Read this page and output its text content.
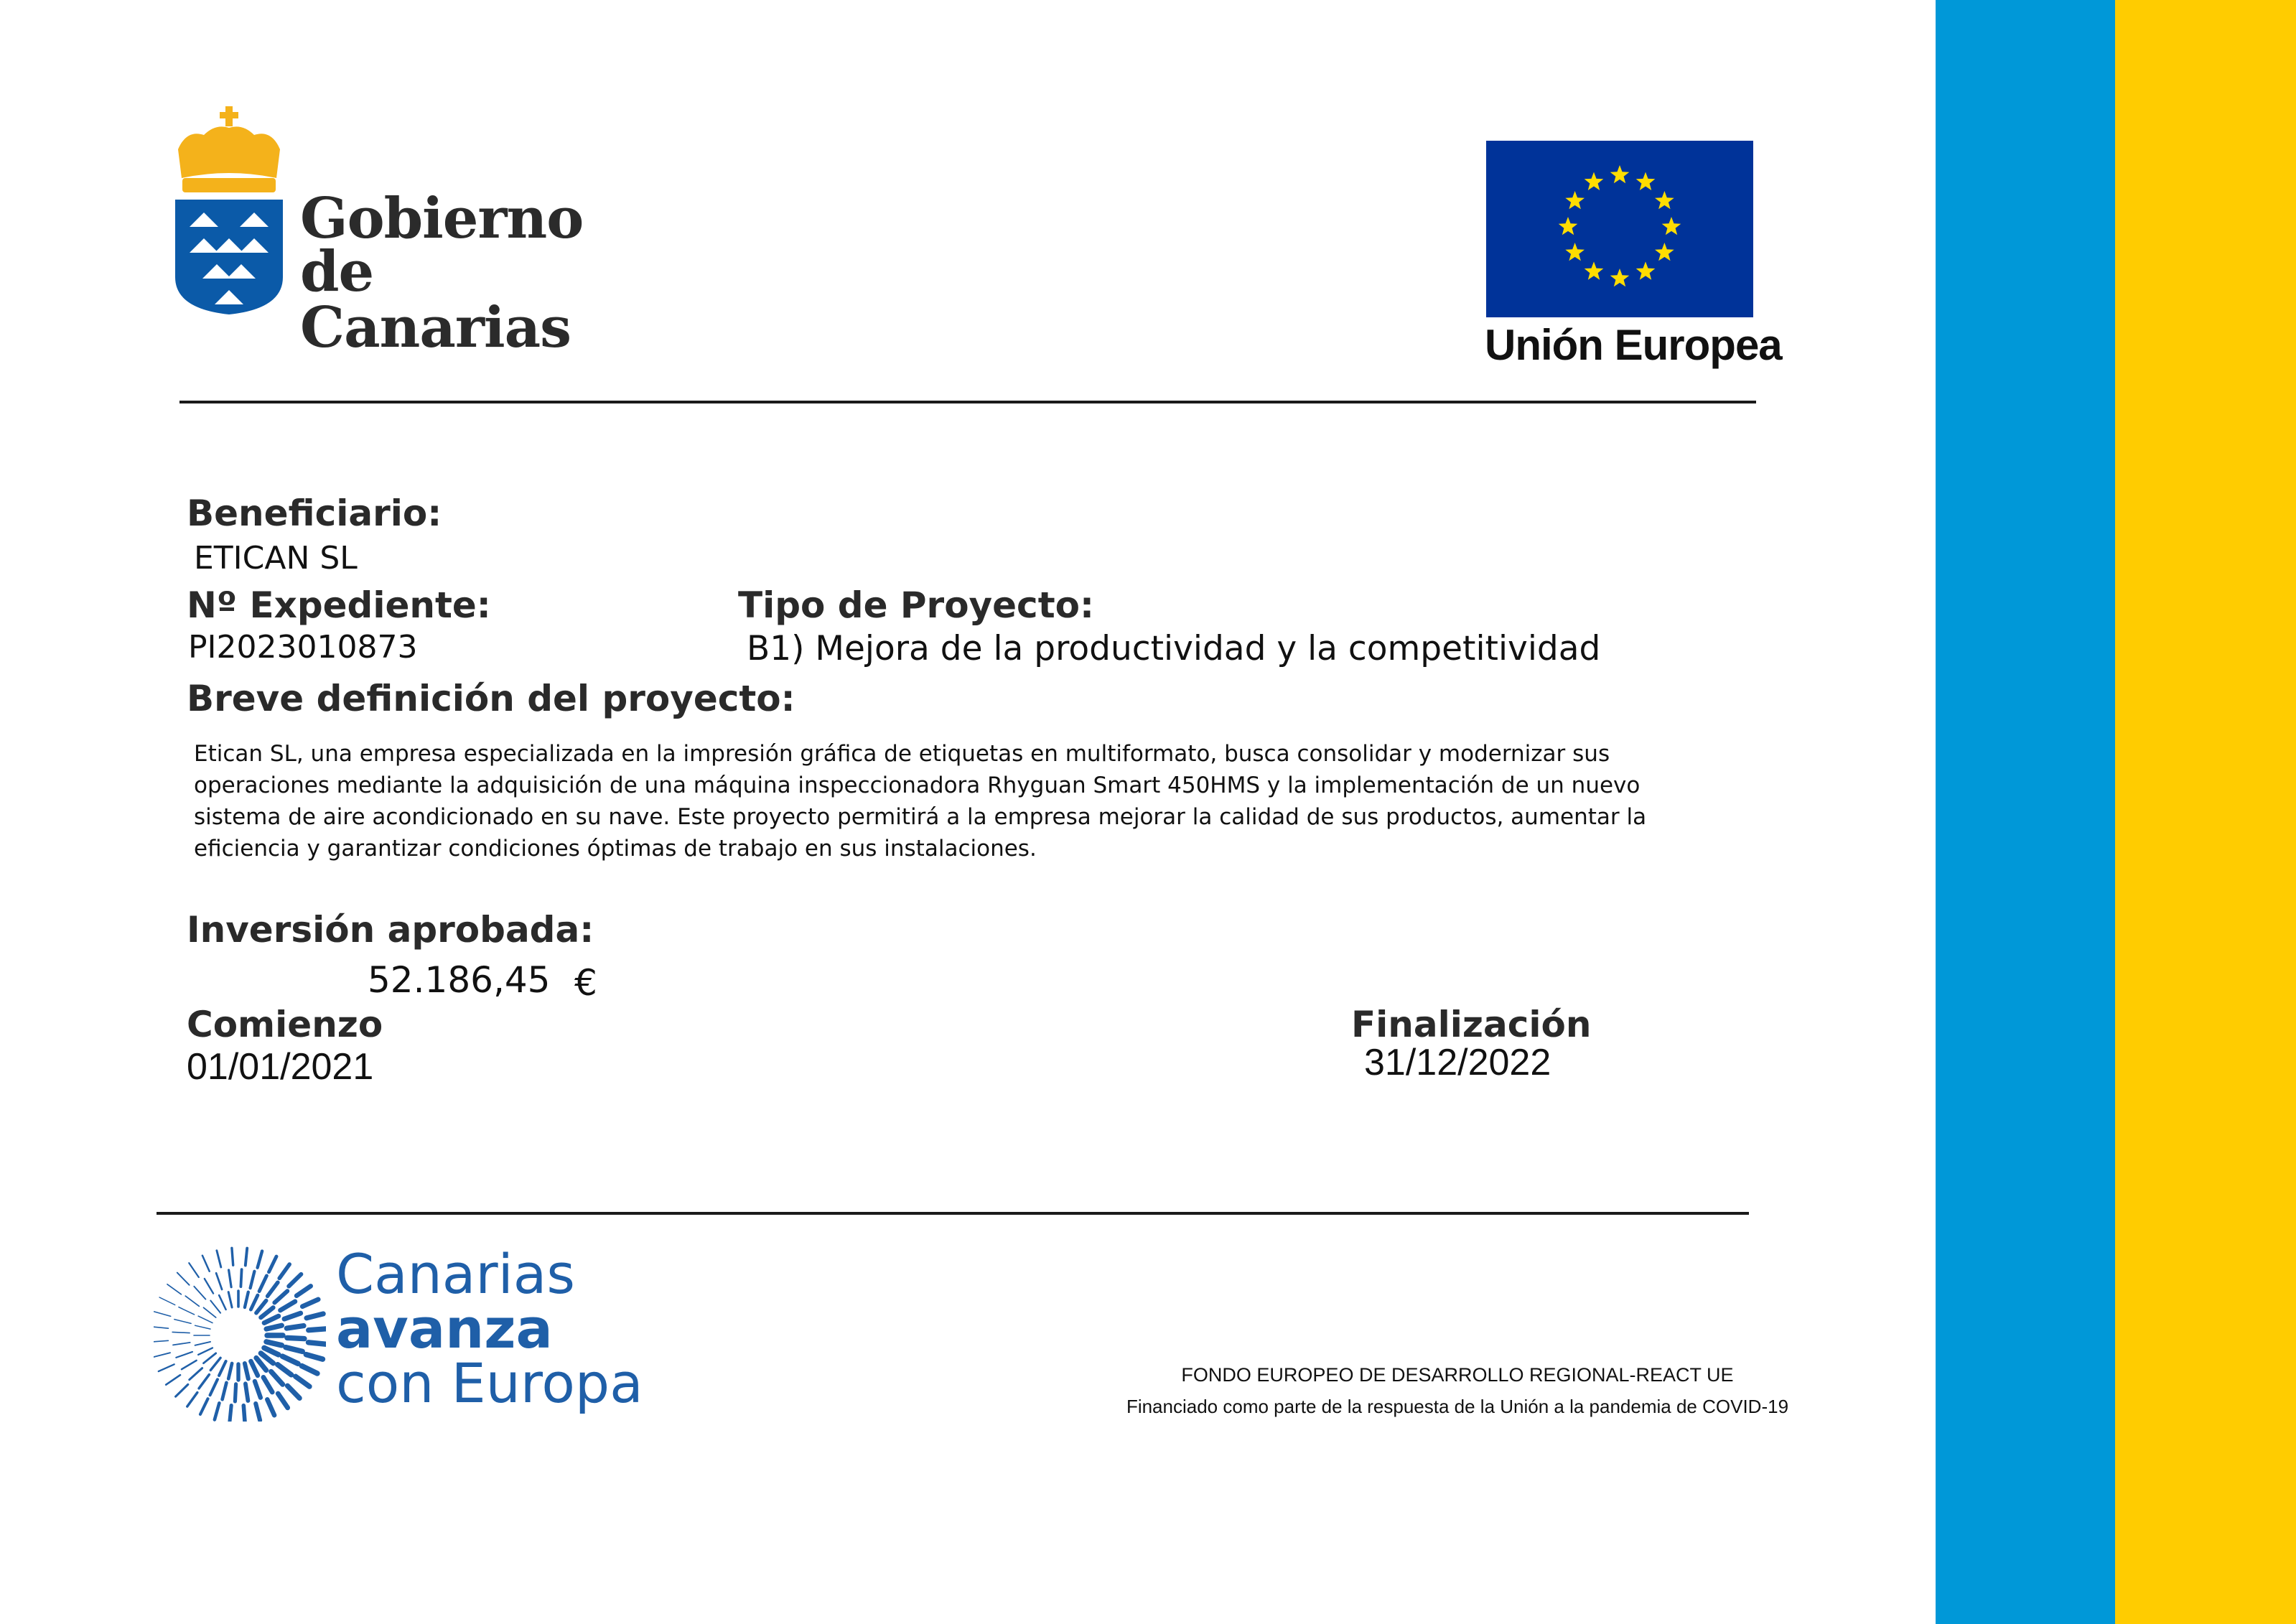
Gobierno
de Canarias	Unión Europea
Beneficiario:
ETICAN SL
Nº Expediente:
PI2023010873
Tipo de Proyecto:
B1) Mejora de la productividad y la competitividad
Breve definición del proyecto:
Etican SL, una empresa especializada en la impresión gráfica de etiquetas en multiformato, busca consolidar y modernizar sus
operaciones mediante la adquisición de una máquina inspeccionadora Rhyguan Smart 450HMS y la implementación de un nuevo
sistema de aire acondicionado en su nave. Este proyecto permitirá a la empresa mejorar la calidad de sus productos, aumentar la
eficiencia y garantizar condiciones óptimas de trabajo en sus instalaciones.
Inversión aprobada:
52.186,45 €
Comienzo
01/01/2021
Finalización
31/12/2022
Canarias
avanza
con Europa	FONDO EUROPEO DE DESARROLLO REGIONAL-REACT UE
Financiado como parte de la respuesta de la Unión a la pandemia de COVID-19
